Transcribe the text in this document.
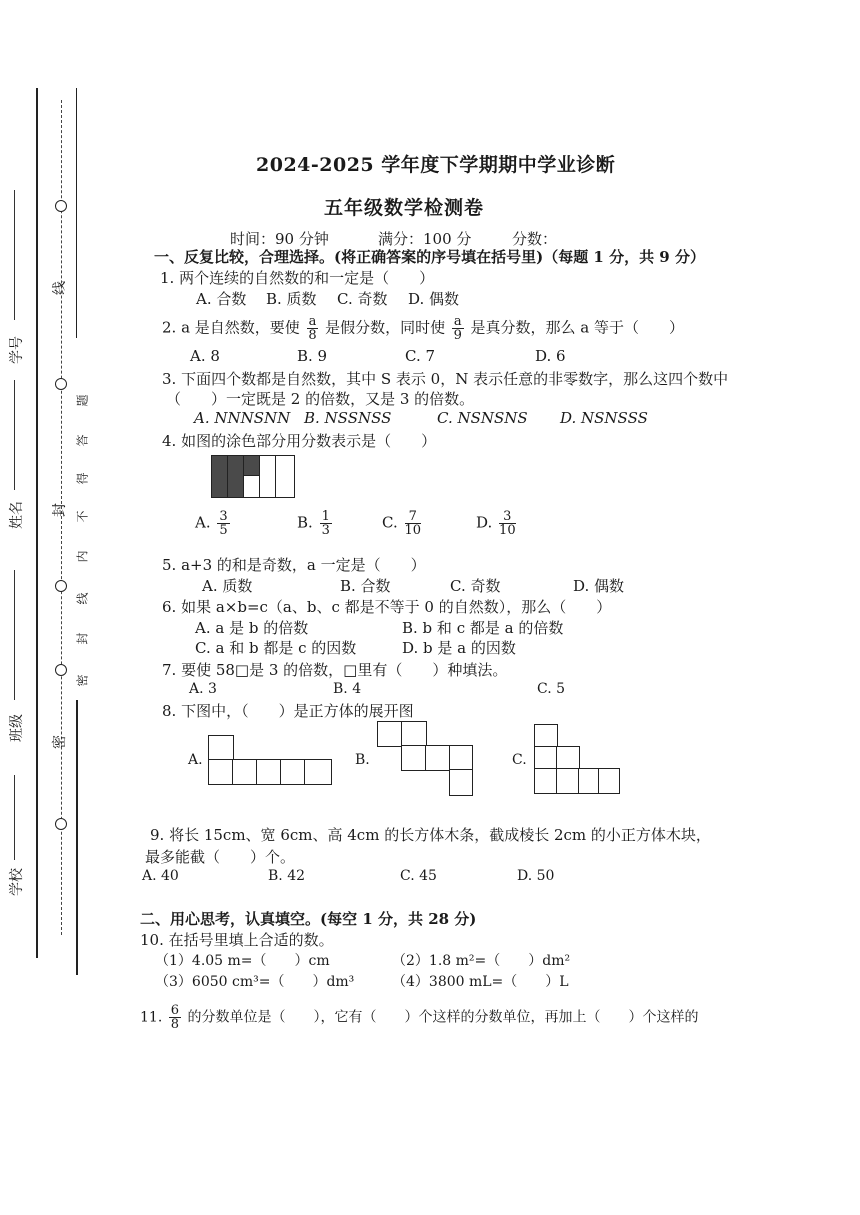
线
封
密
题
答
得
不
内
线
封
密
学号
姓名
班级
学校
2024-2025 学年度下学期期中学业诊断
五年级数学检测卷
时间：90 分钟	满分：100 分	分数：
一、反复比较，合理选择。(将正确答案的序号填在括号里)（每题 1 分，共 9 分）
1. 两个连续的自然数的和一定是（　　）
A. 合数 B. 质数 C. 奇数 D. 偶数
2. a 是自然数，要使 $\frac{a}{8}$ 是假分数，同时使 $\frac{a}{9}$ 是真分数，那么 a 等于（　　）
A. 8	B. 9	C. 7	D. 6
3. 下面四个数都是自然数，其中 S 表示 0，N 表示任意的非零数字，那么这四个数中
（　　）一定既是 2 的倍数，又是 3 的倍数。
A. NNNSNN B. NSSNSS	C. NSNSNS D. NSNSSS
4. 如图的涂色部分用分数表示是（　　）
A. $\frac{3}{5}$	B. $\frac{1}{3}$	C. $\frac{7}{10}$	D. $\frac{3}{10}$
5. a+3 的和是奇数，a 一定是（　　）
A. 质数	B. 合数	C. 奇数	D. 偶数
6. 如果 a×b=c（a、b、c 都是不等于 0 的自然数），那么（　　）
A. a 是 b 的倍数	B. b 和 c 都是 a 的倍数
C. a 和 b 都是 c 的因数	D. b 是 a 的因数
7. 要使 58□是 3 的倍数，□里有（　　）种填法。
A. 3	B. 4	C. 5
8. 下图中，（　　）是正方体的展开图
A.	B.	C.
9. 将长 15cm、宽 6cm、高 4cm 的长方体木条，截成棱长 2cm 的小正方体木块，
最多能截（　　）个。
A. 40	B. 42	C. 45	D. 50
二、用心思考，认真填空。(每空 1 分，共 28 分)
10. 在括号里填上合适的数。
（1）4.05 m=（　　）cm	（2）1.8 m²=（　　）dm²
（3）6050 cm³=（　　）dm³	（4）3800 mL=（　　）L
11. $\frac{6}{8}$ 的分数单位是（　　），它有（　　）个这样的分数单位，再加上（　　）个这样的
